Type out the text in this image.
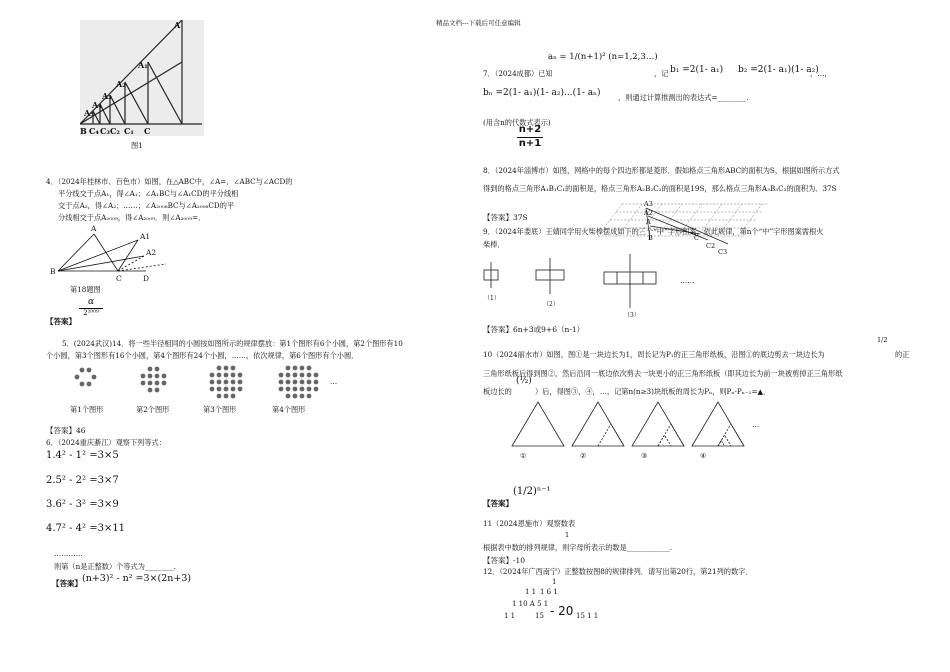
精品文档---下载后可任意编辑
B C₄ C₃ C₂ C₁ C
A₁
A₂
A₃
A₄
A₅
A
图1
4．（2024年桂林市、百色市）如图，在△ABC中，∠A=．∠ABC与∠ACD的
平分线交于点A₁，得∠A₁；∠A₁BC与∠A₁CD的平分线相
交于点A₂，得∠A₂；……；∠A₂₀₀₈BC与∠A₂₀₀₈CD的平
分线相交于点A₂₀₀₉，得∠A₂₀₀₉．则∠A₂₀₀₉=．
A
A1
A2
B
C	D
第18题图
【答案】
α
2²⁰⁰⁹
5．(2024武汉)14．将一些半径相同的小圆按如图所示的规律摆放：第1个图形有6个小圆，第2个图形有10
个小圆，第3个图形有16个小圆，第4个图形有24个小圆，……，依次规律，第6个图形有个小圆．
…
第1个图形	第2个图形	第3个图形	第4个图形
【答案】46
6．（2024重庆綦江）观察下列等式：
1.4² - 1² =3×5
2.5² - 2² =3×7
3.6² - 3² =3×9
4.7² - 4² =3×11
…………
则第（n是正整数）个等式为________.
【答案】 (n+3)² - n² =3×(2n+3)
aₙ = 1/(n+1)² (n=1,2,3…)
7．（2024成都）已知	，记 b₁ =2(1- a₁) b₂ =2(1- a₁)(1- a₂)
，…，
bₙ =2(1- a₁)(1- a₂)...(1- aₙ) ，则通过计算推测出的表达式=________.
(用含n的代数式表示)
n+2
n+1
8．（2024年淄博市）如图，网格中的每个四边形都是菱形．假如格点三角形ABC的面积为S，根据如图所示方式
得到的格点三角形A₁B₁C₁的面积是，格点三角形A₂B₂C₂的面积是19S，那么格点三角形A₃B₃C₃的面积为．37S
A3
A2
A
B	C
C2
C3
【答案】37S
9．（2024年娄底）王婧同学用火柴棒摆成如下的三个“中”字形图案，依此规律，第n个“中”字形图案需根火
柴棒．
……
（1）
（2）
（3）
【答案】6n+3或9+6（n-1）
10（2024丽水市）如图，图①是一块边长为1，周长记为P₁的正三角形纸板，沿图①的底边剪去一块边长为
1/2
的正
三角形纸板后得到图②，然后沿同一底边依次剪去一块更小的正三角形纸板（即其边长为前一块被剪掉正三角形纸
板边长的
(½)
）后，得图③，④，…，记第n(n≥3)块纸板的周长为Pₙ，则Pₙ-Pₙ₋₁=▲．
…
①	②	③	④
【答案】
(1/2)ⁿ⁻¹
11（2024恩施市）观察数表
1
根据表中数的排列规律，则字母所表示的数是____________.
【答案】-10
12．（2024年广西南宁）正整数按图8的规律排列．请写出第20行，第21列的数字．
1
1 1 1 6 1
1 10 A 5 1
1 1	15 - 20 15 1 1
